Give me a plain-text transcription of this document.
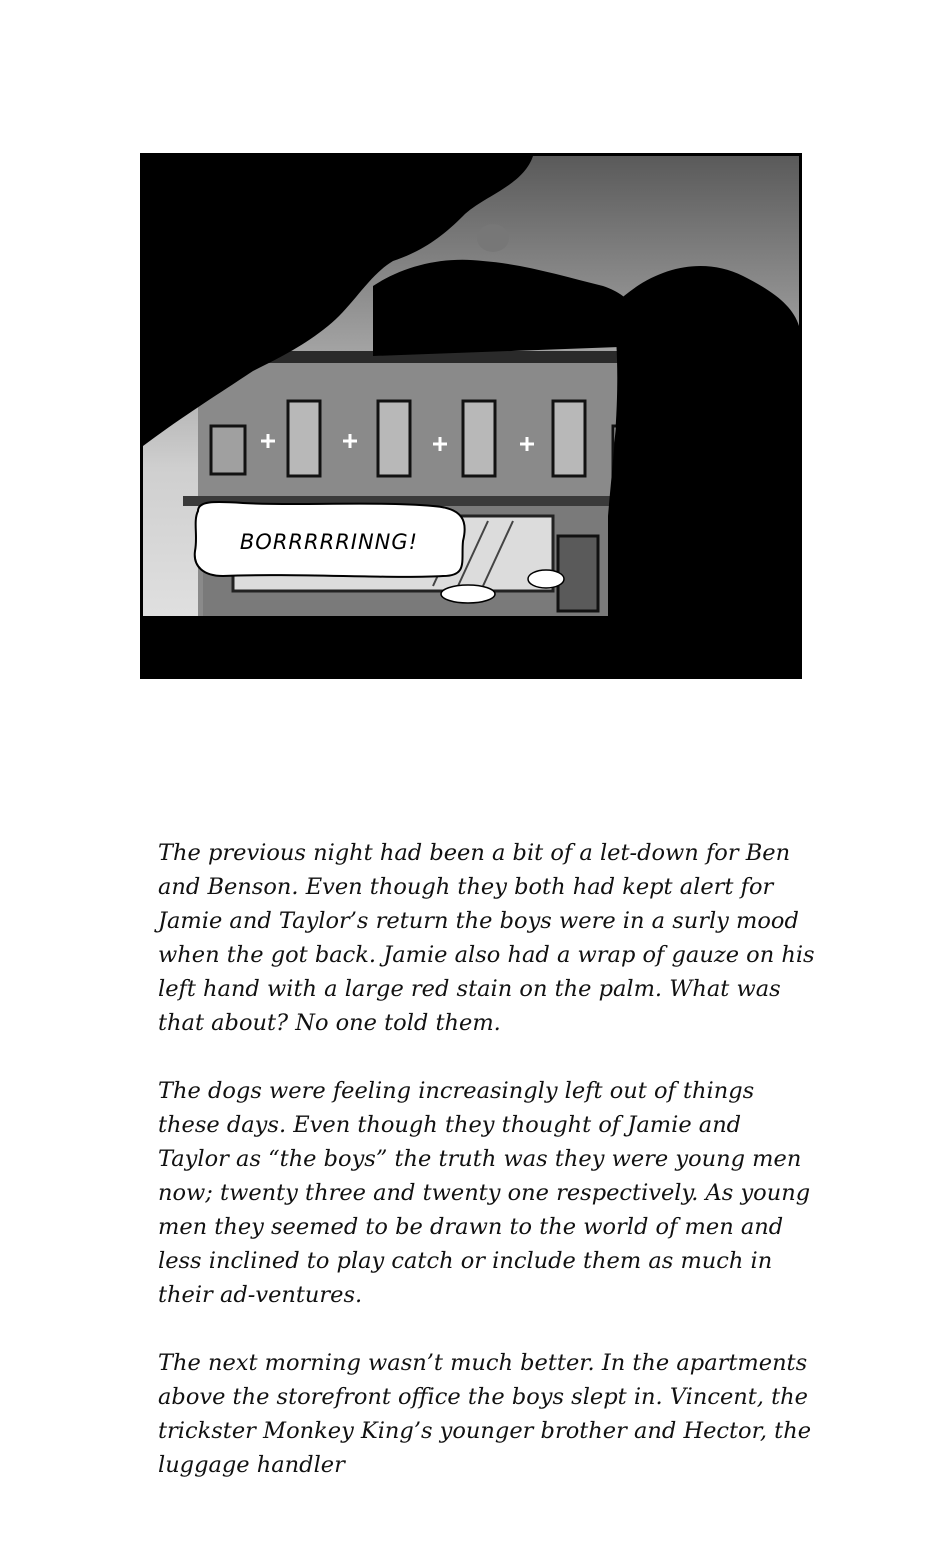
BORRRRRINNG!

The previous night had been a bit of a let-down for Ben and Benson. Even though they both had kept alert for Jamie and Taylor’s return the boys were in a surly mood when the got back. Jamie also had a wrap of gauze on his left hand with a large red stain on the palm. What was that about? No one told them.

The dogs were feeling increasingly left out of things these days. Even though they thought of Jamie and Taylor as “the boys” the truth was they were young men now; twenty three and twenty one respectively. As young men they seemed to be drawn to the world of men and less inclined to play catch or include them as much in their ad-ventures.

The next morning wasn’t much better. In the apartments above the storefront office the boys slept in. Vincent, the trickster Monkey King’s younger brother and Hector, the luggage handler
